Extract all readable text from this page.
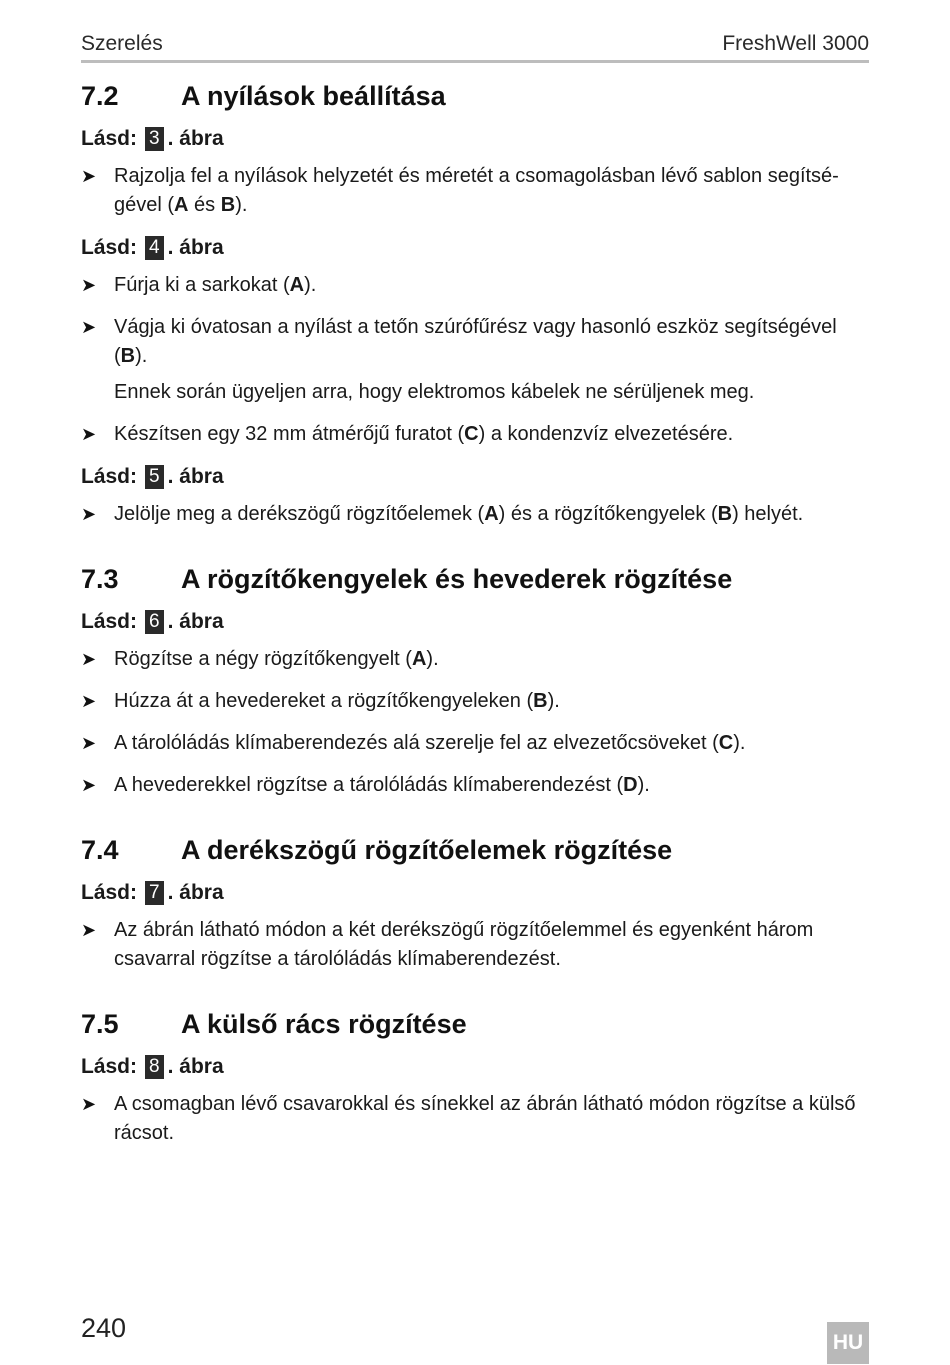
Szerelés	FreshWell 3000
7.2	A nyílások beállítása
Lásd: 3 . ábra
➤ Rajzolja fel a nyílások helyzetét és méretét a csomagolásban lévő sablon segítsé-gével (A és B).
Lásd: 4 . ábra
➤ Fúrja ki a sarkokat (A).
➤ Vágja ki óvatosan a nyílást a tetőn szúrófűrész vagy hasonló eszköz segítségével (B).
Ennek során ügyeljen arra, hogy elektromos kábelek ne sérüljenek meg.
➤ Készítsen egy 32 mm átmérőjű furatot (C) a kondenzvíz elvezetésére.
Lásd: 5 . ábra
➤ Jelölje meg a derékszögű rögzítőelemek (A) és a rögzítőkengyelek (B) helyét.
7.3	A rögzítőkengyelek és hevederek rögzítése
Lásd: 6 . ábra
➤ Rögzítse a négy rögzítőkengyelt (A).
➤ Húzza át a hevedereket a rögzítőkengyeleken (B).
➤ A tárolóládás klímaberendezés alá szerelje fel az elvezetőcsöveket (C).
➤ A hevederekkel rögzítse a tárolóládás klímaberendezést (D).
7.4	A derékszögű rögzítőelemek rögzítése
Lásd: 7 . ábra
➤ Az ábrán látható módon a két derékszögű rögzítőelemmel és egyenként három csavarral rögzítse a tárolóládás klímaberendezést.
7.5	A külső rács rögzítése
Lásd: 8 . ábra
➤ A csomagban lévő csavarokkal és sínekkel az ábrán látható módon rögzítse a külső rácsot.
240	HU
